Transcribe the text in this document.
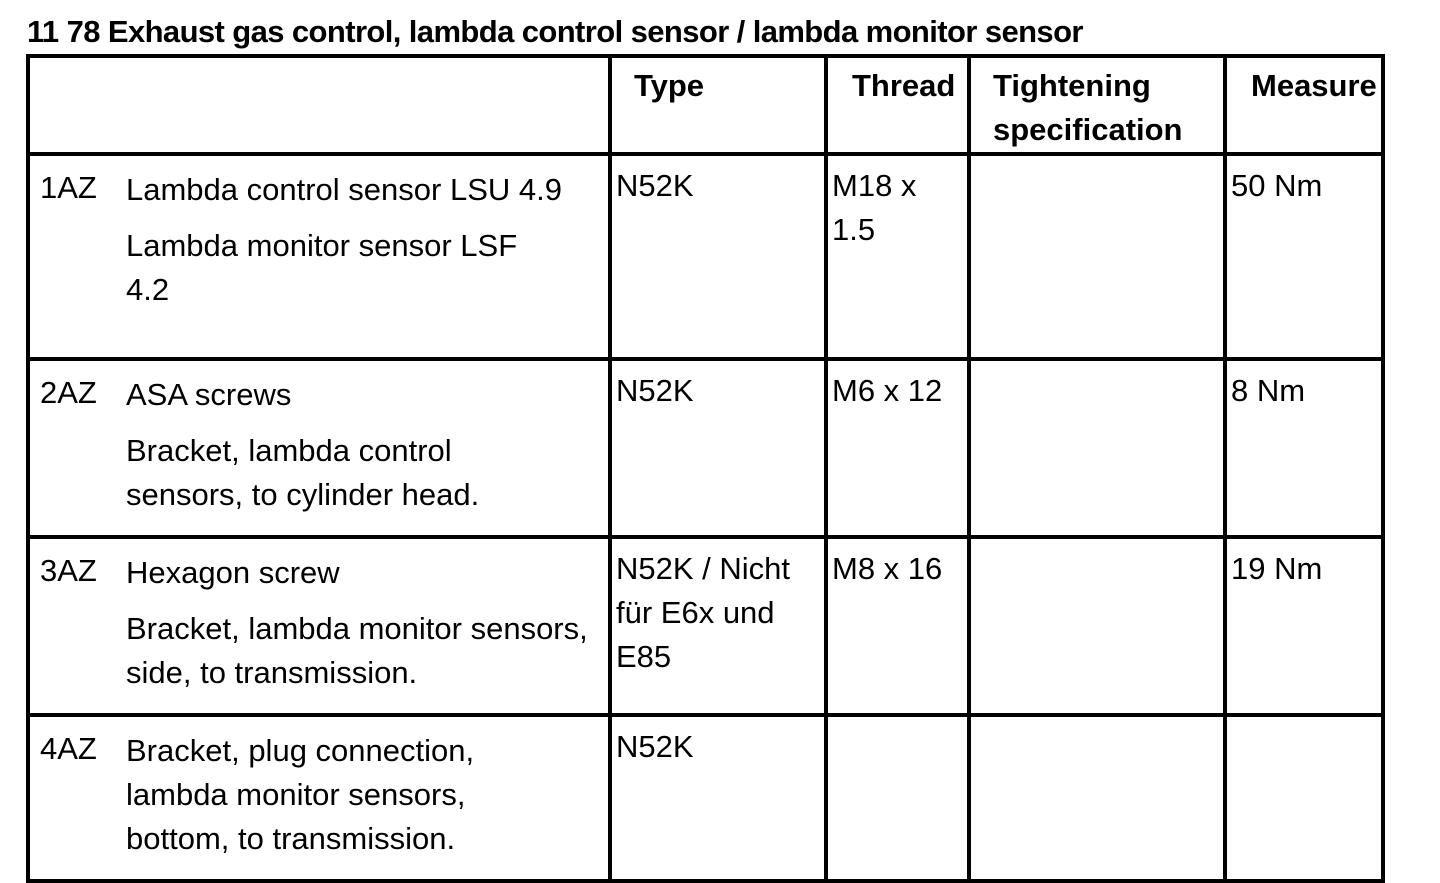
11 78 Exhaust gas control, lambda control sensor / lambda monitor sensor
	Type	Thread	Tightening specification	Measure

1AZ Lambda control sensor LSU 4.9

Lambda monitor sensor LSF 4.2	N52K	M18 x 1.5		50 Nm

2AZ ASA screws

Bracket, lambda control sensors, to cylinder head.	N52K	M6 x 12		8 Nm

3AZ Hexagon screw

Bracket, lambda monitor sensors, side, to transmission.	N52K / Nicht für E6x und E85	M8 x 16		19 Nm

4AZ Bracket, plug connection, lambda monitor sensors, bottom, to transmission.	N52K			
